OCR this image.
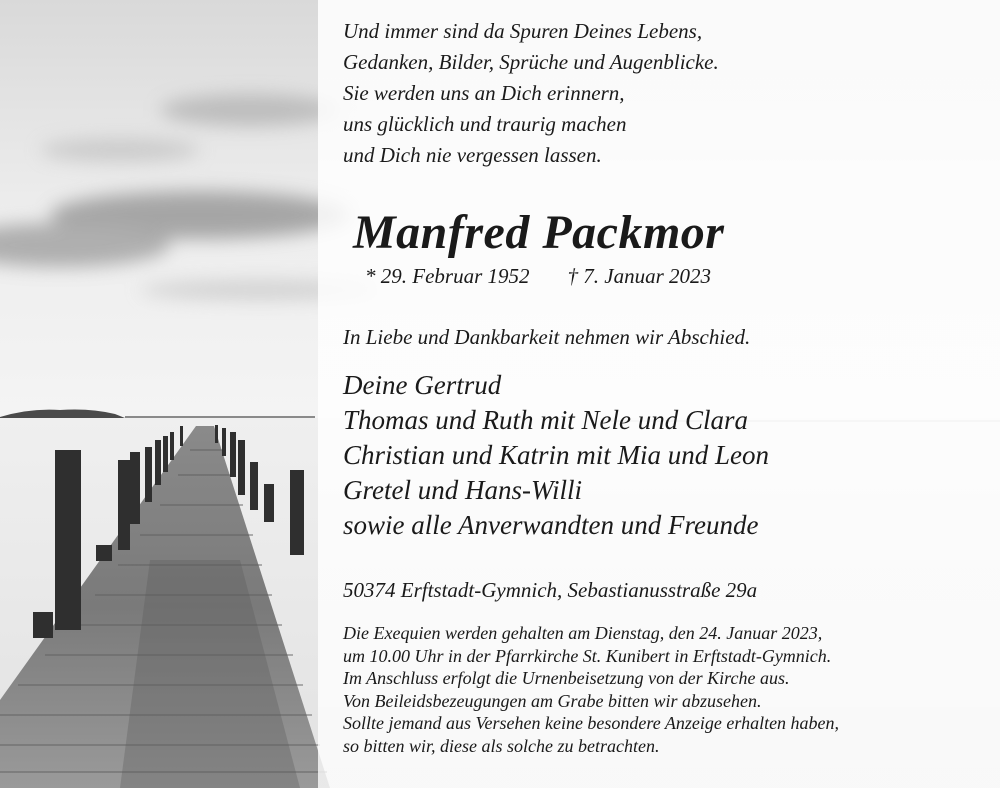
Und immer sind da Spuren Deines Lebens,
Gedanken, Bilder, Sprüche und Augenblicke.
Sie werden uns an Dich erinnern,
uns glücklich und traurig machen
und Dich nie vergessen lassen.
Manfred Packmor
* 29. Februar 1952 † 7. Januar 2023
In Liebe und Dankbarkeit nehmen wir Abschied.
Deine Gertrud
Thomas und Ruth mit Nele und Clara
Christian und Katrin mit Mia und Leon
Gretel und Hans-Willi
sowie alle Anverwandten und Freunde
50374 Erftstadt-Gymnich, Sebastianusstraße 29a
Die Exequien werden gehalten am Dienstag, den 24. Januar 2023,
um 10.00 Uhr in der Pfarrkirche St. Kunibert in Erftstadt-Gymnich.
Im Anschluss erfolgt die Urnenbeisetzung von der Kirche aus.
Von Beileidsbezeugungen am Grabe bitten wir abzusehen.
Sollte jemand aus Versehen keine besondere Anzeige erhalten haben,
so bitten wir, diese als solche zu betrachten.
